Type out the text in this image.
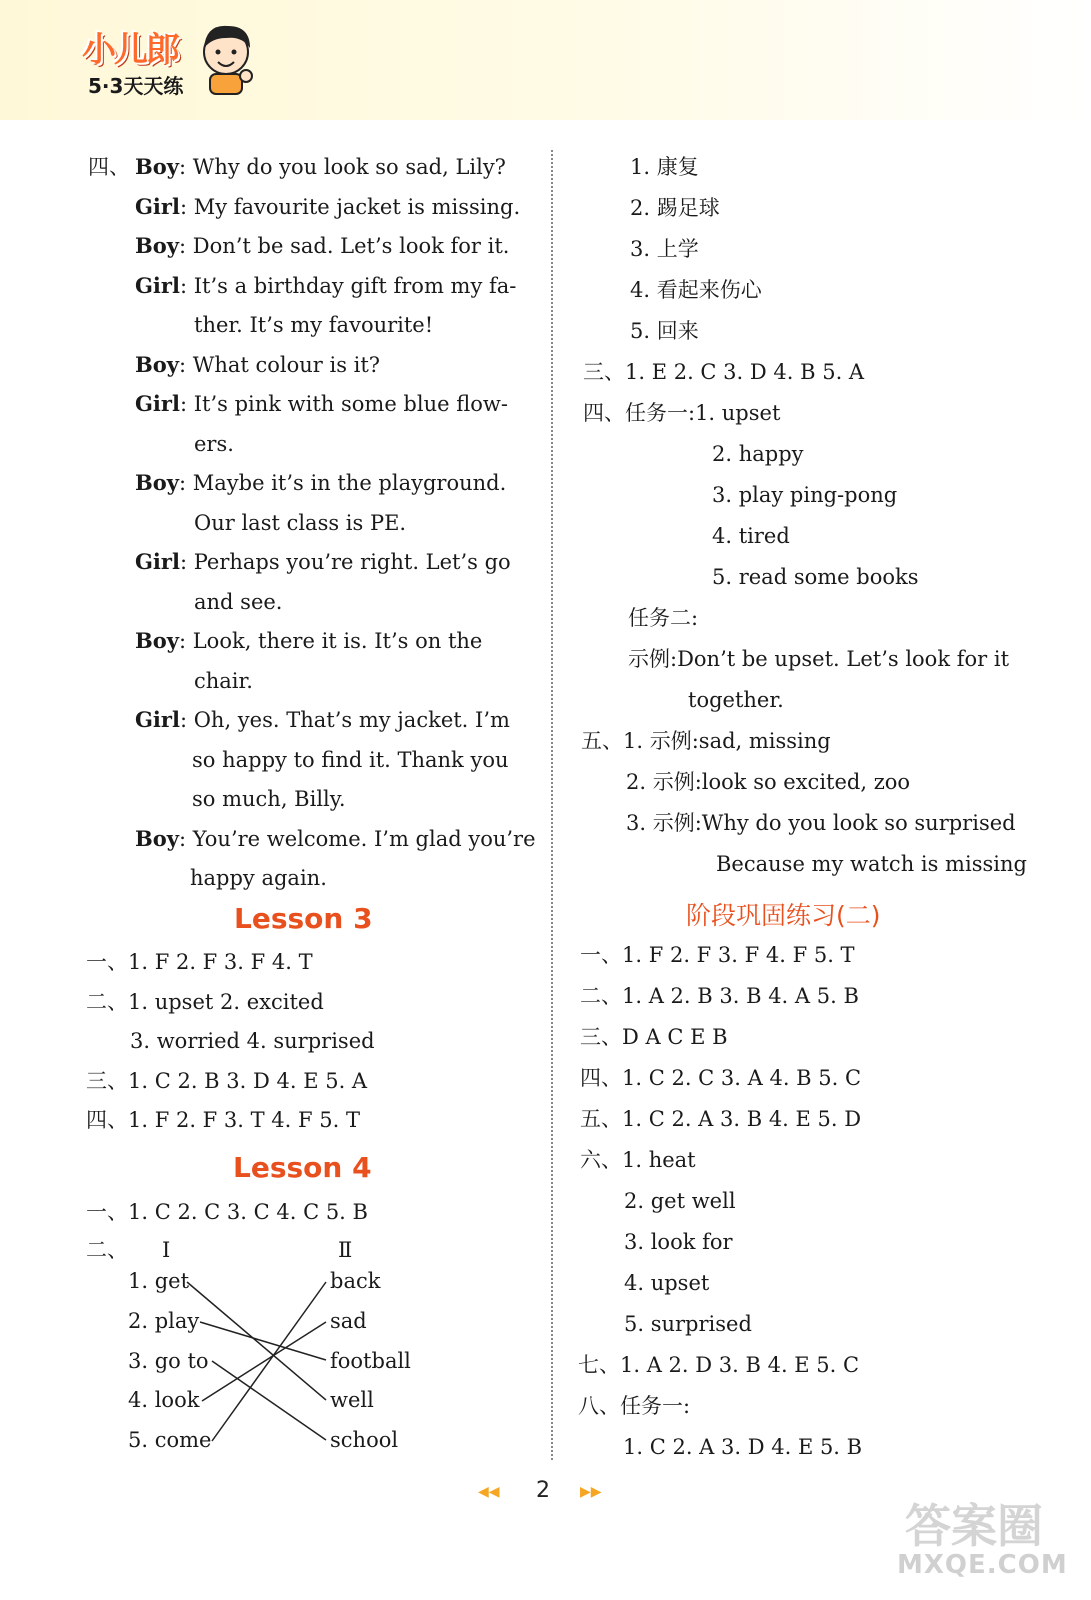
小儿郎
5·3天天练
四、 Boy: Why do you look so sad, Lily?
Girl: My favourite jacket is missing.
Boy: Don’t be sad. Let’s look for it.
Girl: It’s a birthday gift from my fa-
ther. It’s my favourite!
Boy: What colour is it?
Girl: It’s pink with some blue flow-
ers.
Boy: Maybe it’s in the playground.
Our last class is PE.
Girl: Perhaps you’re right. Let’s go
and see.
Boy: Look, there it is. It’s on the
chair.
Girl: Oh, yes. That’s my jacket. I’m
so happy to find it. Thank you
so much, Billy.
Boy: You’re welcome. I’m glad you’re
happy again.
Lesson 3
一、1. F 2. F 3. F 4. T
二、1. upset 2. excited
3. worried 4. surprised
三、1. C 2. B 3. D 4. E 5. A
四、1. F 2. F 3. T 4. F 5. T
Lesson 4
一、1. C 2. C 3. C 4. C 5. B
二、 Ⅰ	Ⅱ
1. get
2. play
3. go to
4. look
5. come
back
sad
football
well
school
1. 康复
2. 踢足球
3. 上学
4. 看起来伤心
5. 回来
三、1. E 2. C 3. D 4. B 5. A
四、任务一:1. upset
2. happy
3. play ping-pong
4. tired
5. read some books
任务二:
示例:Don’t be upset. Let’s look for it
together.
五、1. 示例:sad, missing
2. 示例:look so excited, zoo
3. 示例:Why do you look so surprised
Because my watch is missing
阶段巩固练习(二)
一、1. F 2. F 3. F 4. F 5. T
二、1. A 2. B 3. B 4. A 5. B
三、D A C E B
四、1. C 2. C 3. A 4. B 5. C
五、1. C 2. A 3. B 4. E 5. D
六、1. heat
2. get well
3. look for
4. upset
5. surprised
七、1. A 2. D 3. B 4. E 5. C
八、任务一:
1. C 2. A 3. D 4. E 5. B
◀◀ 2 ▶▶
答案圈
MXQE.COM
